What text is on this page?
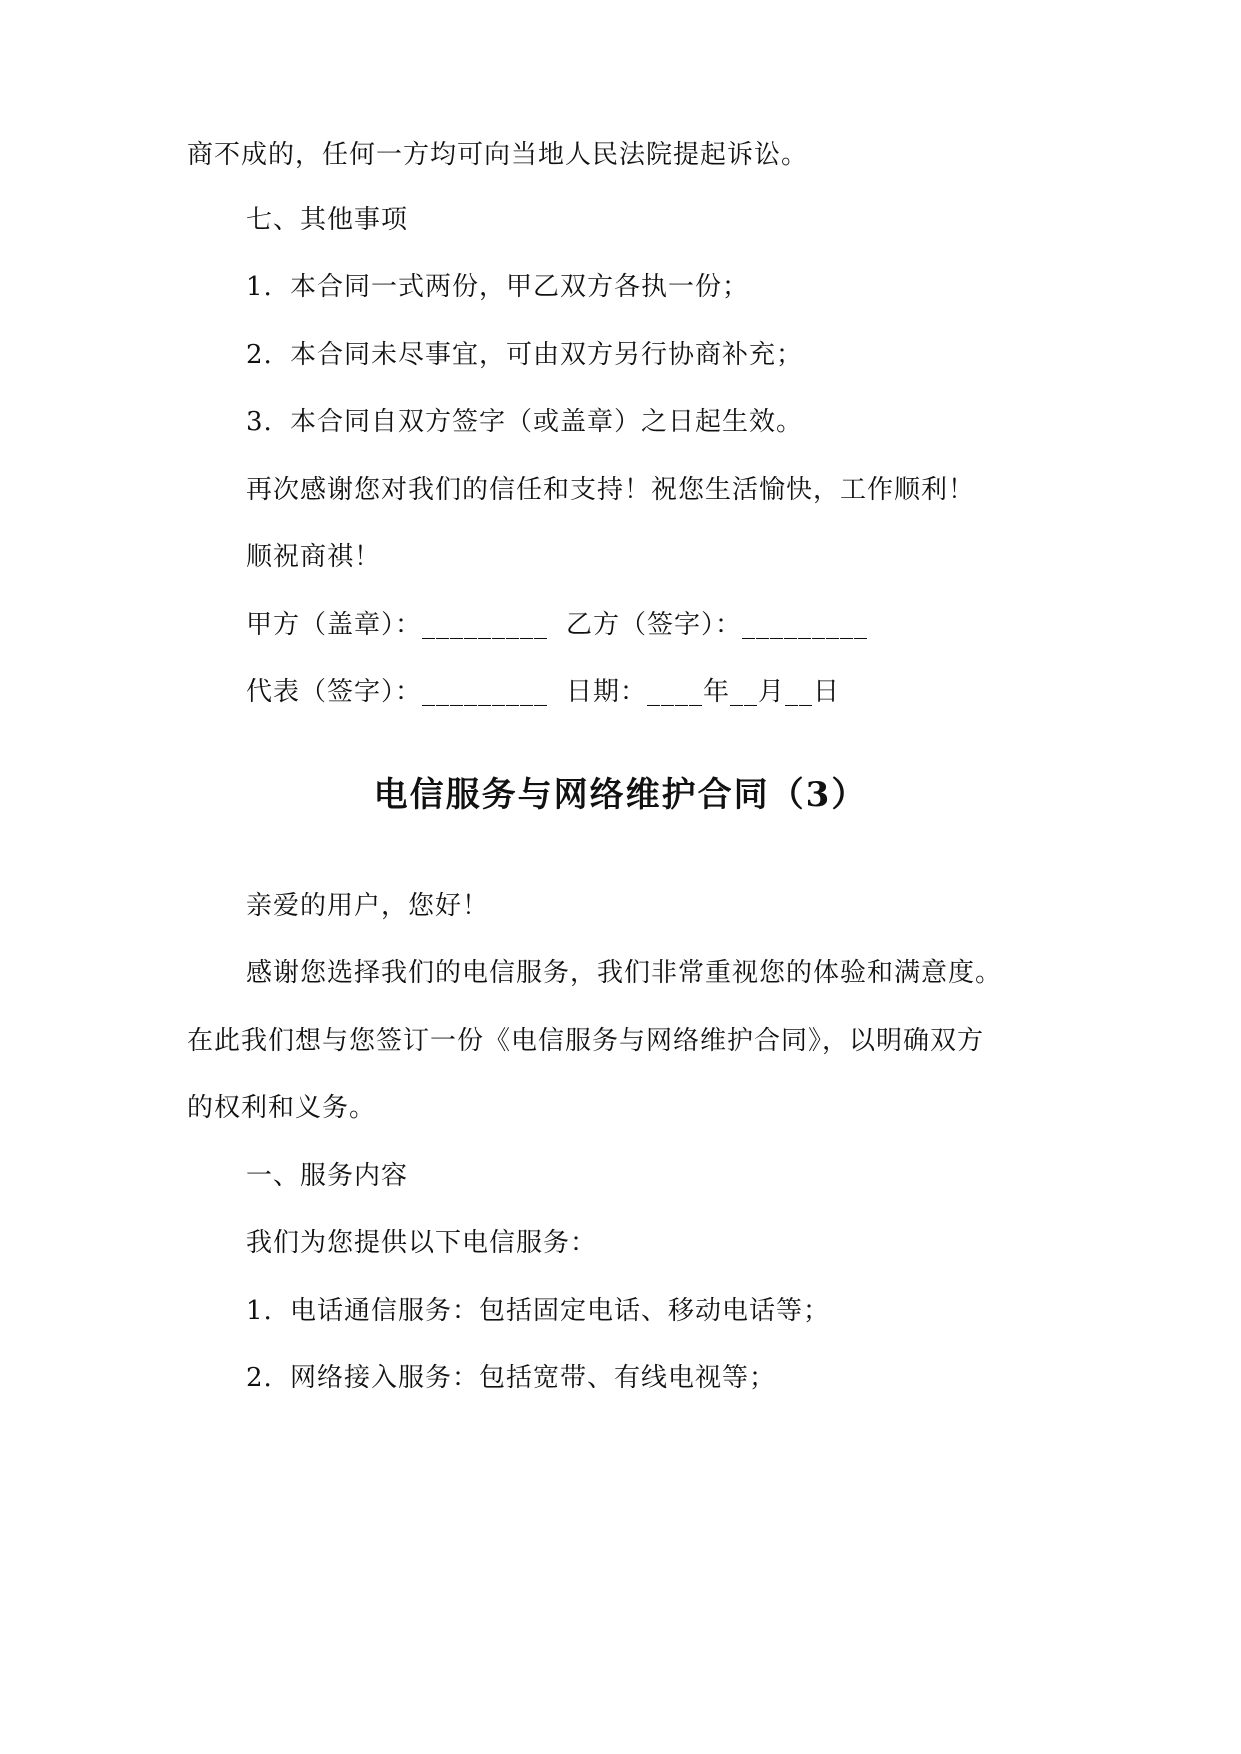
商不成的，任何一方均可向当地人民法院提起诉讼。
七、其他事项
1. 本合同一式两份，甲乙双方各执一份；
2. 本合同未尽事宜，可由双方另行协商补充；
3. 本合同自双方签字（或盖章）之日起生效。
再次感谢您对我们的信任和支持！祝您生活愉快，工作顺利！
顺祝商祺！
甲方（盖章）：_________ 乙方（签字）：_________
代表（签字）：_________ 日期：____年__月__日
电信服务与网络维护合同（3）
亲爱的用户，您好！
感谢您选择我们的电信服务，我们非常重视您的体验和满意度。
在此我们想与您签订一份《电信服务与网络维护合同》，以明确双方
的权利和义务。
一、服务内容
我们为您提供以下电信服务：
1. 电话通信服务：包括固定电话、移动电话等；
2. 网络接入服务：包括宽带、有线电视等；
